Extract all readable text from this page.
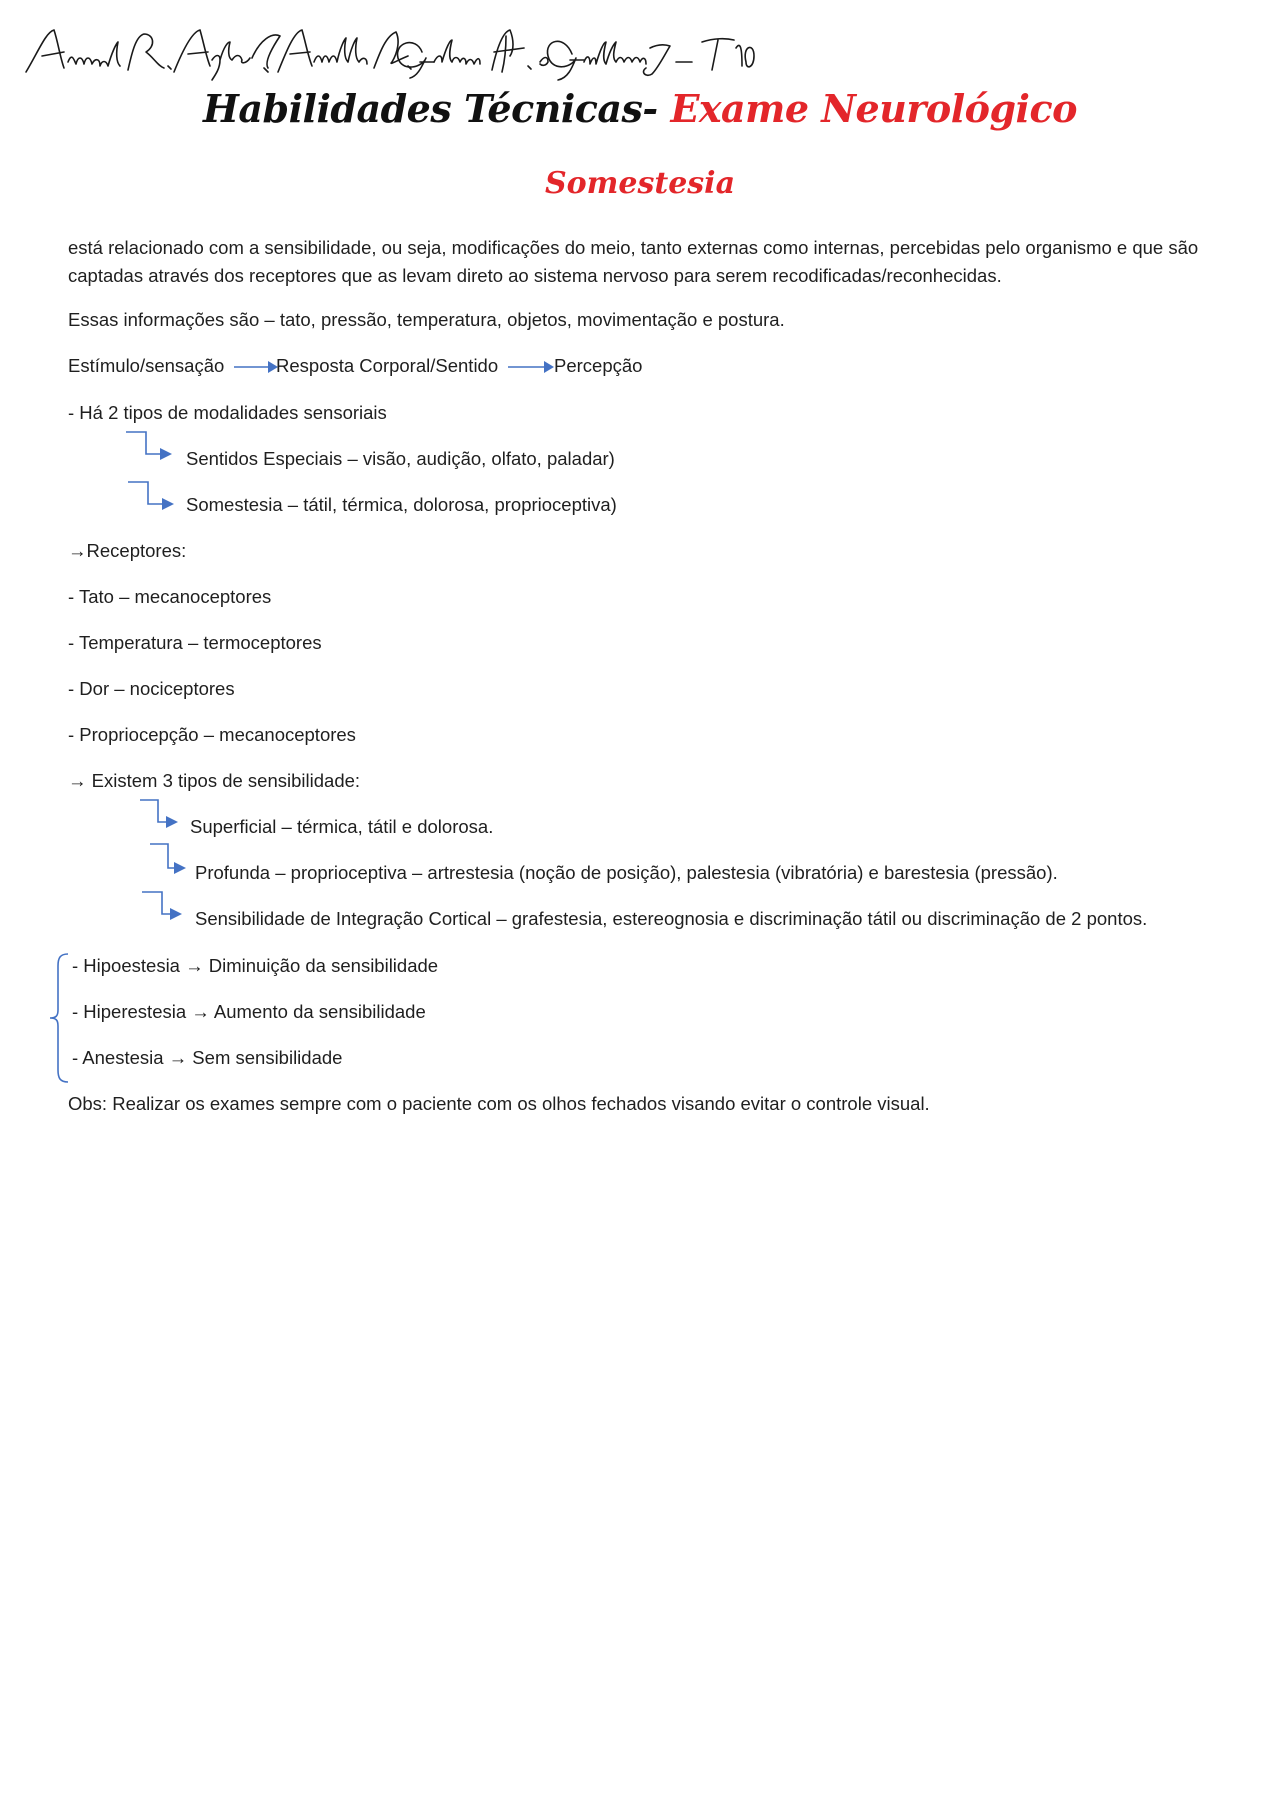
Habilidades Técnicas- Exame Neurológico
Somestesia
está relacionado com a sensibilidade, ou seja, modificações do meio, tanto externas como internas, percebidas pelo organismo e que são captadas através dos receptores que as levam direto ao sistema nervoso para serem recodificadas/reconhecidas.
Essas informações são – tato, pressão, temperatura, objetos, movimentação e postura.
Estímulo/sensação	Resposta Corporal/Sentido	Percepção
- Há 2 tipos de modalidades sensoriais
Sentidos Especiais – visão, audição, olfato, paladar)
Somestesia – tátil, térmica, dolorosa, proprioceptiva)
→Receptores:
- Tato – mecanoceptores
- Temperatura – termoceptores
- Dor – nociceptores
- Propriocepção – mecanoceptores
→ Existem 3 tipos de sensibilidade:
Superficial – térmica, tátil e dolorosa.
Profunda – proprioceptiva – artrestesia (noção de posição), palestesia (vibratória) e barestesia (pressão).
Sensibilidade de Integração Cortical – grafestesia, estereognosia e discriminação tátil ou discriminação de 2 pontos.
- Hipoestesia → Diminuição da sensibilidade
- Hiperestesia → Aumento da sensibilidade
- Anestesia → Sem sensibilidade
Obs: Realizar os exames sempre com o paciente com os olhos fechados visando evitar o controle visual.
